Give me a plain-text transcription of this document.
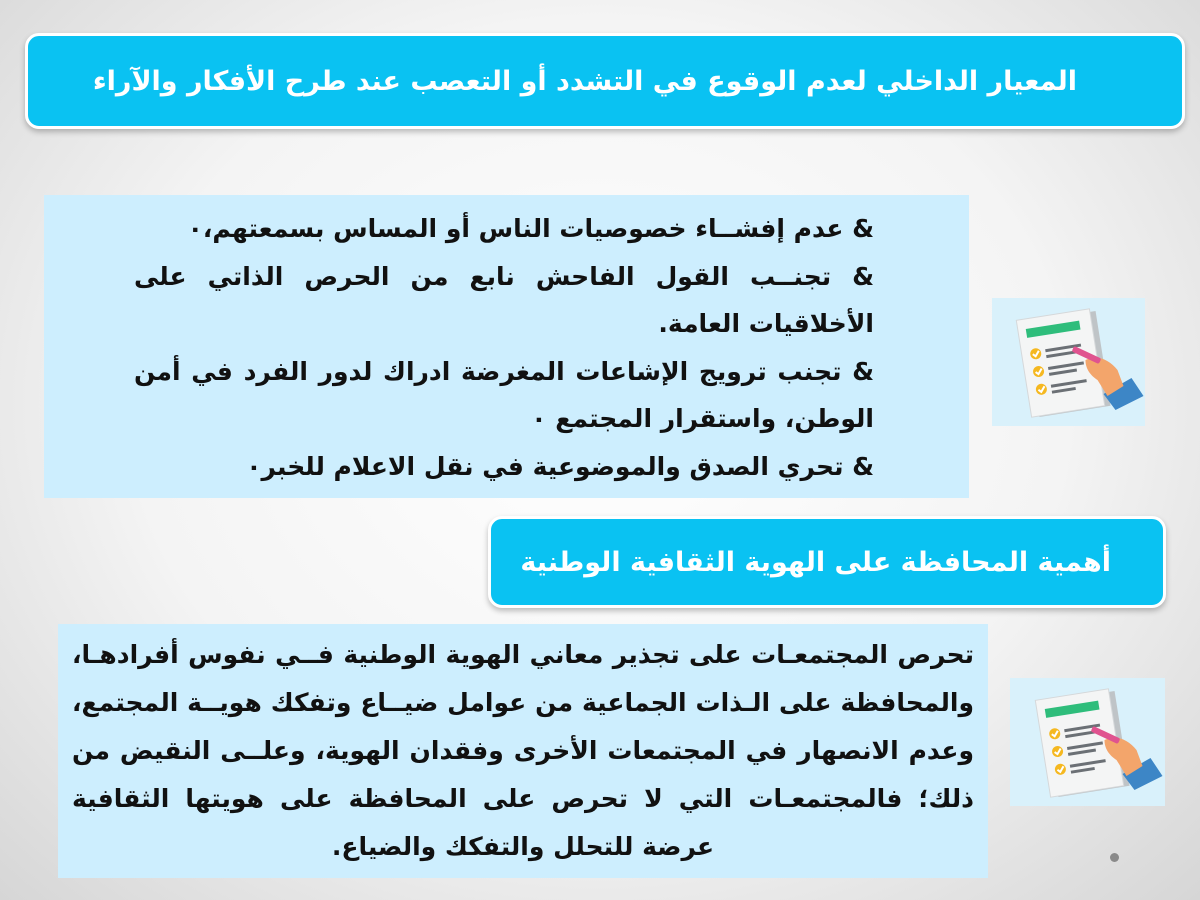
المعيار الداخلي لعدم الوقوع في التشدد أو التعصب عند طرح الأفكار والآراء

& عدم إفشــاء خصوصيات الناس أو المساس بسمعتهم،٠

& تجنــب القول الفاحش نابع من الحرص الذاتي على الأخلاقيات العامة.

& تجنب ترويج الإشاعات المغرضة ادراك لدور الفرد في أمن الوطن، واستقرار المجتمع ٠

& تحري الصدق والموضوعية في نقل الاعلام للخبر٠

أهمية المحافظة على الهوية الثقافية الوطنية

تحرص المجتمعـات على تجذير معاني الهوية الوطنية فــي نفوس أفرادهـا، والمحافظة على الـذات الجماعية من عوامل ضيــاع وتفكك هويــة المجتمع، وعدم الانصهار في المجتمعات الأخرى وفقدان الهوية، وعلــى النقيض من ذلك؛ فالمجتمعـات التي لا تحرص على المحافظة على هويتها الثقافية عرضة للتحلل والتفكك والضياع.
